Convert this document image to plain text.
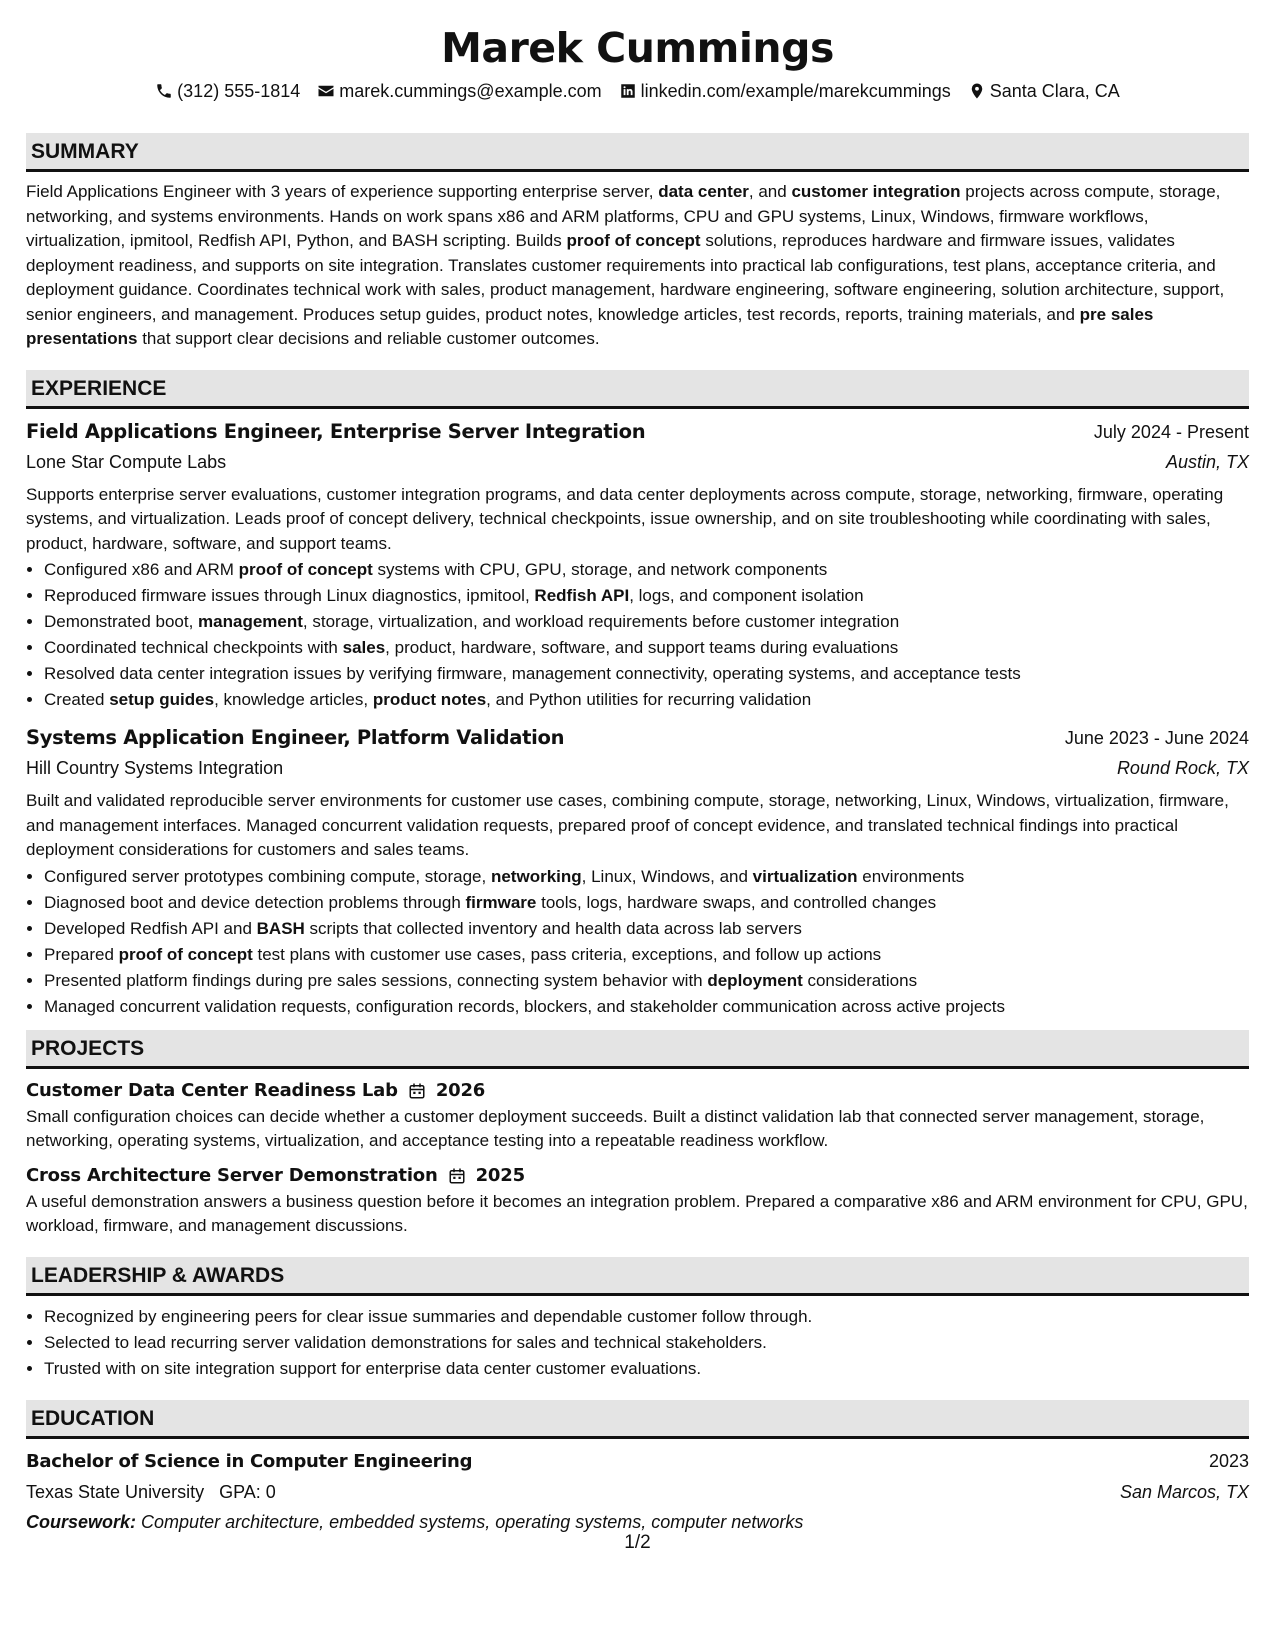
Marek Cummings
(312) 555-1814 marek.cummings@example.com linkedin.com/example/marekcummings Santa Clara, CA
SUMMARY

Field Applications Engineer with 3 years of experience supporting enterprise server, data center, and customer integration projects across compute, storage, networking, and systems environments. Hands on work spans x86 and ARM platforms, CPU and GPU systems, Linux, Windows, firmware workflows, virtualization, ipmitool, Redfish API, Python, and BASH scripting. Builds proof of concept solutions, reproduces hardware and firmware issues, validates deployment readiness, and supports on site integration. Translates customer requirements into practical lab configurations, test plans, acceptance criteria, and deployment guidance. Coordinates technical work with sales, product management, hardware engineering, software engineering, solution architecture, support, senior engineers, and management. Produces setup guides, product notes, knowledge articles, test records, reports, training materials, and pre sales presentations that support clear decisions and reliable customer outcomes.

EXPERIENCE
Field Applications Engineer, Enterprise Server Integration	July 2024 - Present
Lone Star Compute Labs	Austin, TX

Supports enterprise server evaluations, customer integration programs, and data center deployments across compute, storage, networking, firmware, operating systems, and virtualization. Leads proof of concept delivery, technical checkpoints, issue ownership, and on site troubleshooting while coordinating with sales, product, hardware, software, and support teams.

• Configured x86 and ARM proof of concept systems with CPU, GPU, storage, and network components
• Reproduced firmware issues through Linux diagnostics, ipmitool, Redfish API, logs, and component isolation
• Demonstrated boot, management, storage, virtualization, and workload requirements before customer integration
• Coordinated technical checkpoints with sales, product, hardware, software, and support teams during evaluations
• Resolved data center integration issues by verifying firmware, management connectivity, operating systems, and acceptance tests
• Created setup guides, knowledge articles, product notes, and Python utilities for recurring validation
Systems Application Engineer, Platform Validation	June 2023 - June 2024
Hill Country Systems Integration	Round Rock, TX

Built and validated reproducible server environments for customer use cases, combining compute, storage, networking, Linux, Windows, virtualization, firmware, and management interfaces. Managed concurrent validation requests, prepared proof of concept evidence, and translated technical findings into practical deployment considerations for customers and sales teams.

• Configured server prototypes combining compute, storage, networking, Linux, Windows, and virtualization environments
• Diagnosed boot and device detection problems through firmware tools, logs, hardware swaps, and controlled changes
• Developed Redfish API and BASH scripts that collected inventory and health data across lab servers
• Prepared proof of concept test plans with customer use cases, pass criteria, exceptions, and follow up actions
• Presented platform findings during pre sales sessions, connecting system behavior with deployment considerations
• Managed concurrent validation requests, configuration records, blockers, and stakeholder communication across active projects
PROJECTS
Customer Data Center Readiness Lab 2026

Small configuration choices can decide whether a customer deployment succeeds. Built a distinct validation lab that connected server management, storage, networking, operating systems, virtualization, and acceptance testing into a repeatable readiness workflow.

Cross Architecture Server Demonstration 2025

A useful demonstration answers a business question before it becomes an integration problem. Prepared a comparative x86 and ARM environment for CPU, GPU, workload, firmware, and management discussions.

LEADERSHIP & AWARDS
• Recognized by engineering peers for clear issue summaries and dependable customer follow through.
• Selected to lead recurring server validation demonstrations for sales and technical stakeholders.
• Trusted with on site integration support for enterprise data center customer evaluations.
EDUCATION
Bachelor of Science in Computer Engineering	2023
Texas State University GPA: 0	San Marcos, TX
Coursework: Computer architecture, embedded systems, operating systems, computer networks
1/2
